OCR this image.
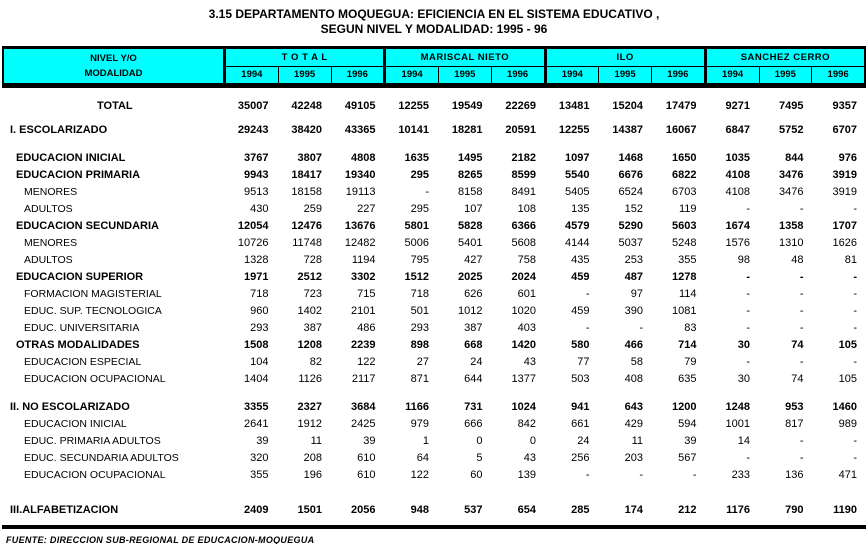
3.15 DEPARTAMENTO MOQUEGUA: EFICIENCIA EN EL SISTEMA EDUCATIVO ,
SEGUN NIVEL Y MODALIDAD: 1995 - 96
NIVEL Y/O
MODALIDAD
T O T A L
1994	1995	1996
MARISCAL NIETO
1994	1995	1996
ILO
1994	1995	1996
SANCHEZ CERRO
1994	1995	1996
TOTAL	35007	42248	49105	12255	19549	22269	13481	15204	17479	9271	7495	9357
I. ESCOLARIZADO	29243	38420	43365	10141	18281	20591	12255	14387	16067	6847	5752	6707
EDUCACION INICIAL	3767	3807	4808	1635	1495	2182	1097	1468	1650	1035	844	976
EDUCACION PRIMARIA	9943	18417	19340	295	8265	8599	5540	6676	6822	4108	3476	3919
MENORES	9513	18158	19113	-	8158	8491	5405	6524	6703	4108	3476	3919
ADULTOS	430	259	227	295	107	108	135	152	119	-	-	-
EDUCACION SECUNDARIA	12054	12476	13676	5801	5828	6366	4579	5290	5603	1674	1358	1707
MENORES	10726	11748	12482	5006	5401	5608	4144	5037	5248	1576	1310	1626
ADULTOS	1328	728	1194	795	427	758	435	253	355	98	48	81
EDUCACION SUPERIOR	1971	2512	3302	1512	2025	2024	459	487	1278	-	-	-
FORMACION MAGISTERIAL	718	723	715	718	626	601	-	97	114	-	-	-
EDUC. SUP. TECNOLOGICA	960	1402	2101	501	1012	1020	459	390	1081	-	-	-
EDUC. UNIVERSITARIA	293	387	486	293	387	403	-	-	83	-	-	-
OTRAS MODALIDADES	1508	1208	2239	898	668	1420	580	466	714	30	74	105
EDUCACION ESPECIAL	104	82	122	27	24	43	77	58	79	-	-	-
EDUCACION OCUPACIONAL	1404	1126	2117	871	644	1377	503	408	635	30	74	105
II. NO ESCOLARIZADO	3355	2327	3684	1166	731	1024	941	643	1200	1248	953	1460
EDUCACION INICIAL	2641	1912	2425	979	666	842	661	429	594	1001	817	989
EDUC. PRIMARIA ADULTOS	39	11	39	1	0	0	24	11	39	14	-	-
EDUC. SECUNDARIA ADULTOS	320	208	610	64	5	43	256	203	567	-	-	-
EDUCACION OCUPACIONAL	355	196	610	122	60	139	-	-	-	233	136	471
III.ALFABETIZACION	2409	1501	2056	948	537	654	285	174	212	1176	790	1190
FUENTE: DIRECCION SUB-REGIONAL DE EDUCACION-MOQUEGUA
